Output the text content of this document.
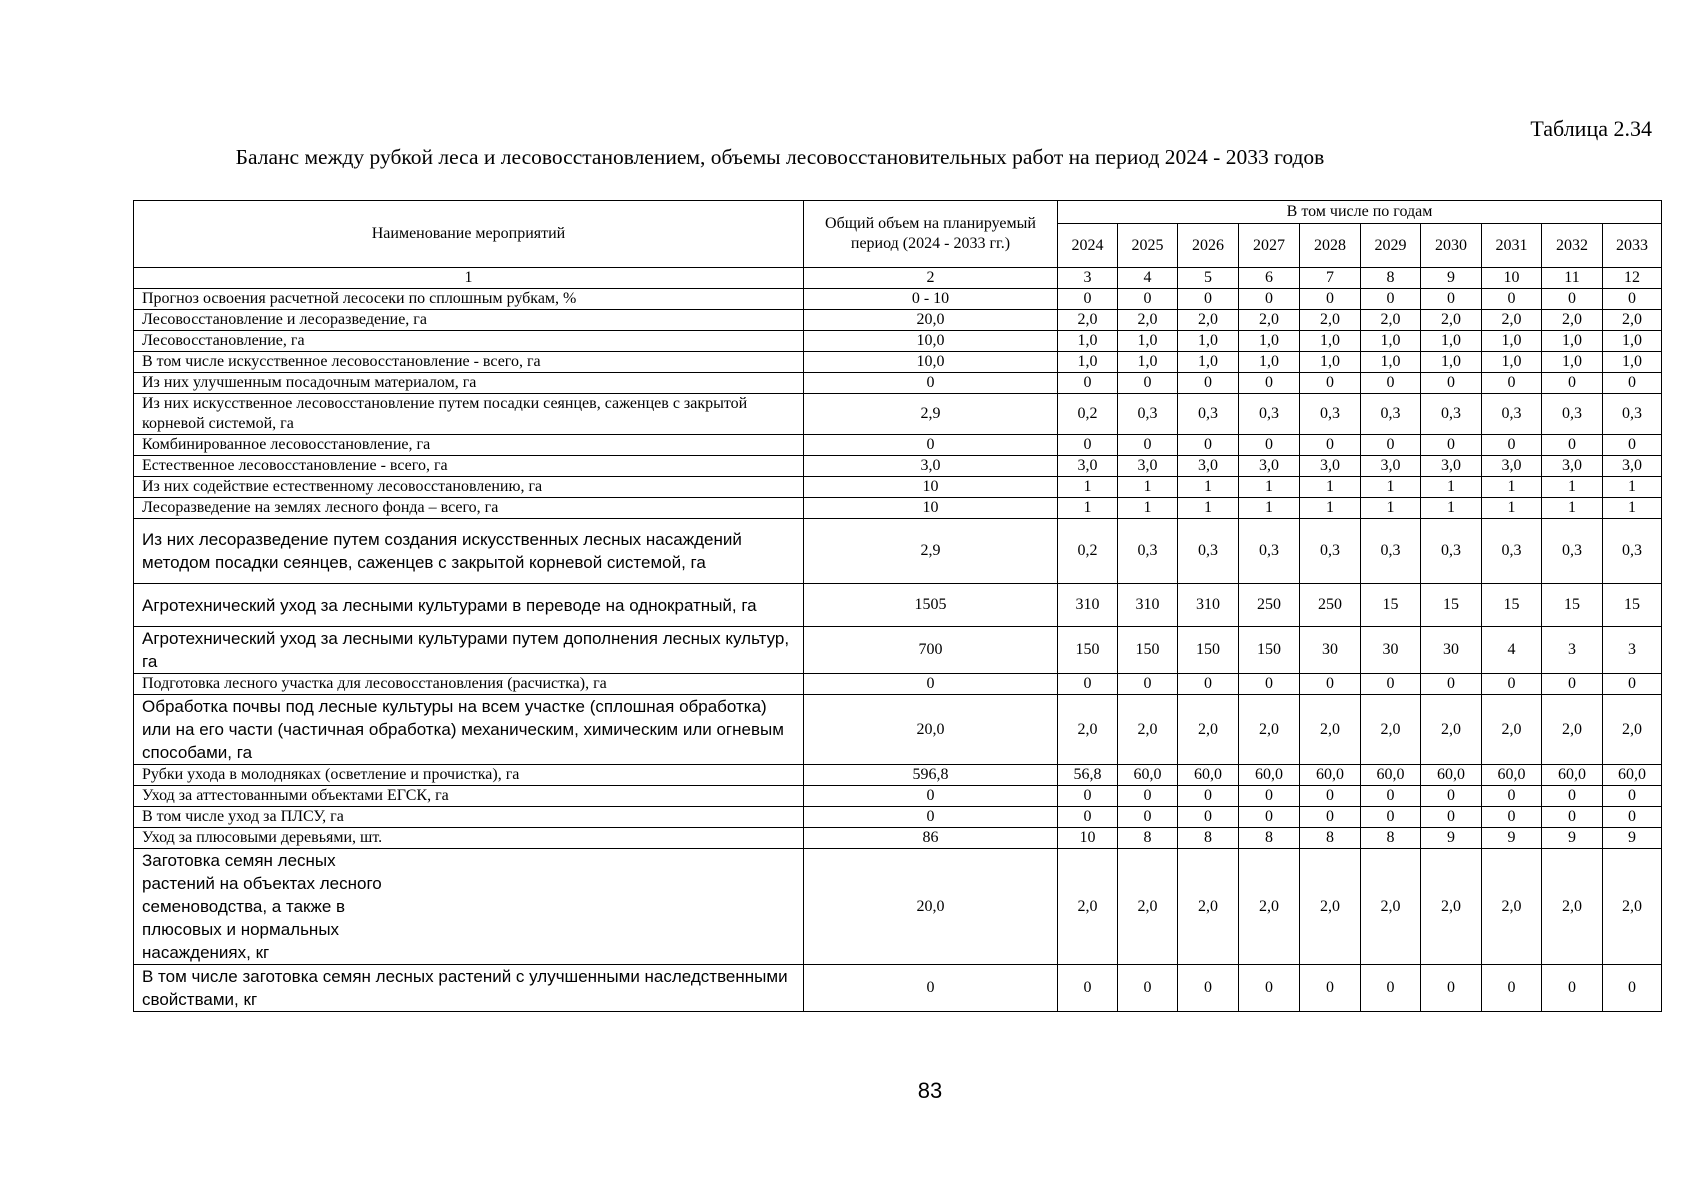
Таблица 2.34
Баланс между рубкой леса и лесовосстановлением, объемы лесовосстановительных работ на период 2024 - 2033 годов
Наименование мероприятий	Общий объем на планируемый период (2024 - 2033 гг.)	В том числе по годам									
		2024	2025	2026	2027	2028	2029	2030	2031	2032	2033
1	2	3	4	5	6	7	8	9	10	11	12
Прогноз освоения расчетной лесосеки по сплошным рубкам, %	0 - 10	0	0	0	0	0	0	0	0	0	0
Лесовосстановление и лесоразведение, га	20,0	2,0	2,0	2,0	2,0	2,0	2,0	2,0	2,0	2,0	2,0
Лесовосстановление, га	10,0	1,0	1,0	1,0	1,0	1,0	1,0	1,0	1,0	1,0	1,0
В том числе искусственное лесовосстановление - всего, га	10,0	1,0	1,0	1,0	1,0	1,0	1,0	1,0	1,0	1,0	1,0
Из них улучшенным посадочным материалом, га	0	0	0	0	0	0	0	0	0	0	0
Из них искусственное лесовосстановление путем посадки сеянцев, саженцев с закрытой корневой системой, га	2,9	0,2	0,3	0,3	0,3	0,3	0,3	0,3	0,3	0,3	0,3
Комбинированное лесовосстановление, га	0	0	0	0	0	0	0	0	0	0	0
Естественное лесовосстановление - всего, га	3,0	3,0	3,0	3,0	3,0	3,0	3,0	3,0	3,0	3,0	3,0
Из них содействие естественному лесовосстановлению, га	10	1	1	1	1	1	1	1	1	1	1
Лесоразведение на землях лесного фонда – всего, га	10	1	1	1	1	1	1	1	1	1	1
Из них лесоразведение путем создания искусственных лесных насаждений методом посадки сеянцев, саженцев с закрытой корневой системой, га	2,9	0,2	0,3	0,3	0,3	0,3	0,3	0,3	0,3	0,3	0,3
Агротехнический уход за лесными культурами в переводе на однократный, га	1505	310	310	310	250	250	15	15	15	15	15
Агротехнический уход за лесными культурами путем дополнения лесных культур, га	700	150	150	150	150	30	30	30	4	3	3
Подготовка лесного участка для лесовосстановления (расчистка), га	0	0	0	0	0	0	0	0	0	0	0
Обработка почвы под лесные культуры на всем участке (сплошная обработка) или на его части (частичная обработка) механическим, химическим или огневым способами, га	20,0	2,0	2,0	2,0	2,0	2,0	2,0	2,0	2,0	2,0	2,0
Рубки ухода в молодняках (осветление и прочистка), га	596,8	56,8	60,0	60,0	60,0	60,0	60,0	60,0	60,0	60,0	60,0
Уход за аттестованными объектами ЕГСК, га	0	0	0	0	0	0	0	0	0	0	0
В том числе уход за ПЛСУ, га	0	0	0	0	0	0	0	0	0	0	0
Уход за плюсовыми деревьями, шт.	86	10	8	8	8	8	8	9	9	9	9
Заготовка семян лесных
растений на объектах лесного
семеноводства, а также в
плюсовых и нормальных
насаждениях, кг	20,0	2,0	2,0	2,0	2,0	2,0	2,0	2,0	2,0	2,0	2,0
В том числе заготовка семян лесных растений с улучшенными наследственными свойствами, кг	0	0	0	0	0	0	0	0	0	0	0
83
